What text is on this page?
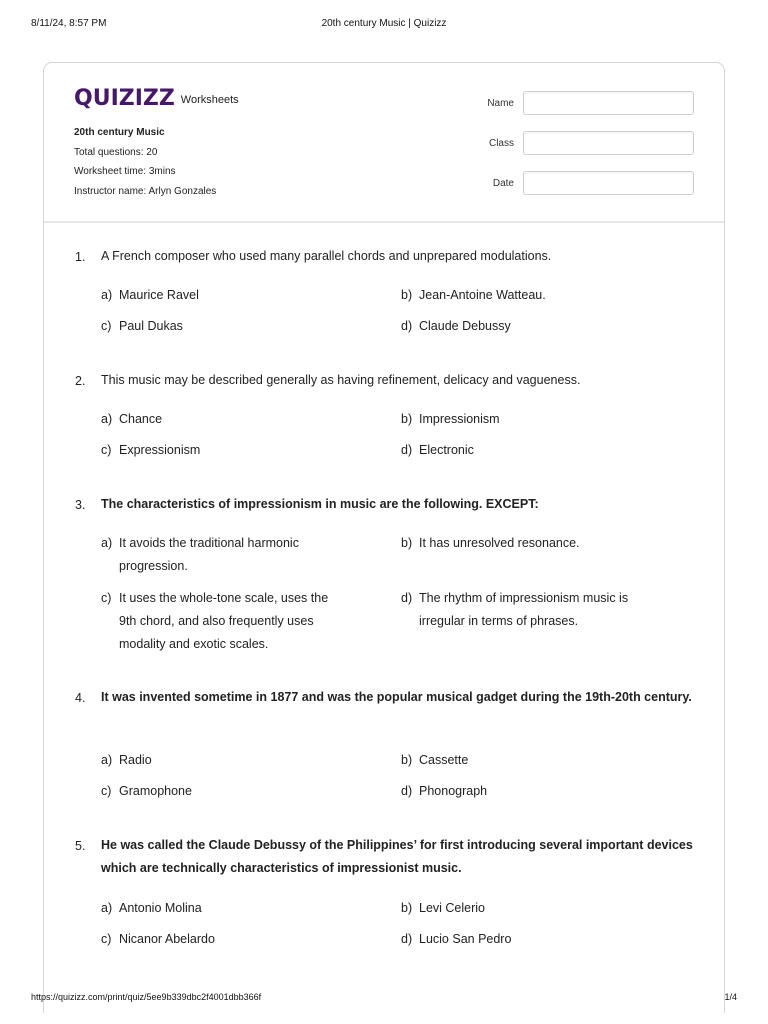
8/11/24, 8:57 PM	20th century Music | Quizizz
QUIZIZZ Worksheets
20th century Music
Total questions: 20
Worksheet time: 3mins
Instructor name: Arlyn Gonzales
Name
Class
Date
1. A French composer who used many parallel chords and unprepared modulations.
a) Maurice Ravel	b) Jean-Antoine Watteau.
c) Paul Dukas	d) Claude Debussy
2. This music may be described generally as having refinement, delicacy and vagueness.
a) Chance	b) Impressionism
c) Expressionism	d) Electronic
3. The characteristics of impressionism in music are the following. EXCEPT:
a) It avoids the traditional harmonic progression.
b) It has unresolved resonance.
c) It uses the whole-tone scale, uses the 9th chord, and also frequently uses modality and exotic scales.
d) The rhythm of impressionism music is irregular in terms of phrases.
4. It was invented sometime in 1877 and was the popular musical gadget during the 19th-20th century.
a) Radio	b) Cassette
c) Gramophone	d) Phonograph
5. He was called the Claude Debussy of the Philippines’ for first introducing several important devices which are technically characteristics of impressionist music.
a) Antonio Molina	b) Levi Celerio
c) Nicanor Abelardo	d) Lucio San Pedro
https://quizizz.com/print/quiz/5ee9b339dbc2f4001dbb366f	1/4
